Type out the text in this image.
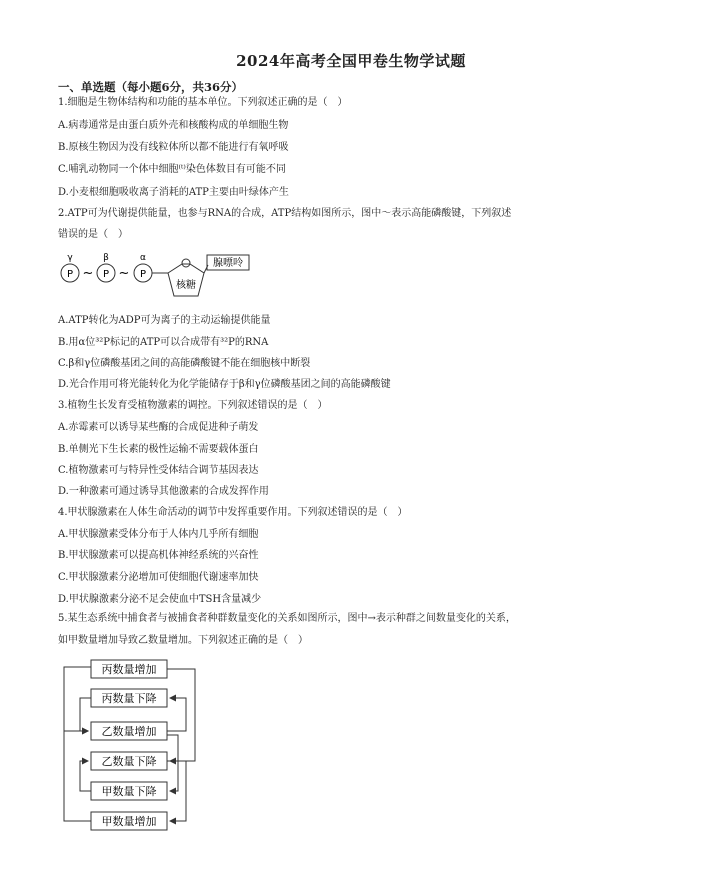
2024年高考全国甲卷生物学试题
一、单选题（每小题6分，共36分）
1.细胞是生物体结构和功能的基本单位。下列叙述正确的是（　）
A.病毒通常是由蛋白质外壳和核酸构成的单细胞生物
B.原核生物因为没有线粒体所以都不能进行有氧呼吸
C.哺乳动物同一个体中细胞⁽ᵗ⁾染色体数目有可能不同
D.小麦根细胞吸收离子消耗的ATP主要由叶绿体产生
2.ATP可为代谢提供能量，也参与RNA的合成，ATP结构如图所示，图中～表示高能磷酸键，下列叙述
错误的是（　）
γ	β	α
P ~ P ~ P
核糖
腺嘌呤
A.ATP转化为ADP可为离子的主动运输提供能量
B.用α位³²P标记的ATP可以合成带有³²P的RNA
C.β和γ位磷酸基团之间的高能磷酸键不能在细胞核中断裂
D.光合作用可将光能转化为化学能储存于β和γ位磷酸基团之间的高能磷酸键
3.植物生长发育受植物激素的调控。下列叙述错误的是（　）
A.赤霉素可以诱导某些酶的合成促进种子萌发
B.单侧光下生长素的极性运输不需要载体蛋白
C.植物激素可与特异性受体结合调节基因表达
D.一种激素可通过诱导其他激素的合成发挥作用
4.甲状腺激素在人体生命活动的调节中发挥重要作用。下列叙述错误的是（　）
A.甲状腺激素受体分布于人体内几乎所有细胞
B.甲状腺激素可以提高机体神经系统的兴奋性
C.甲状腺激素分泌增加可使细胞代谢速率加快
D.甲状腺激素分泌不足会使血中TSH含量减少
5.某生态系统中捕食者与被捕食者种群数量变化的关系如图所示，图中→表示种群之间数量变化的关系，
如甲数量增加导致乙数量增加。下列叙述正确的是（　）
丙数量增加
丙数量下降
乙数量增加
乙数量下降
甲数量下降
甲数量增加
